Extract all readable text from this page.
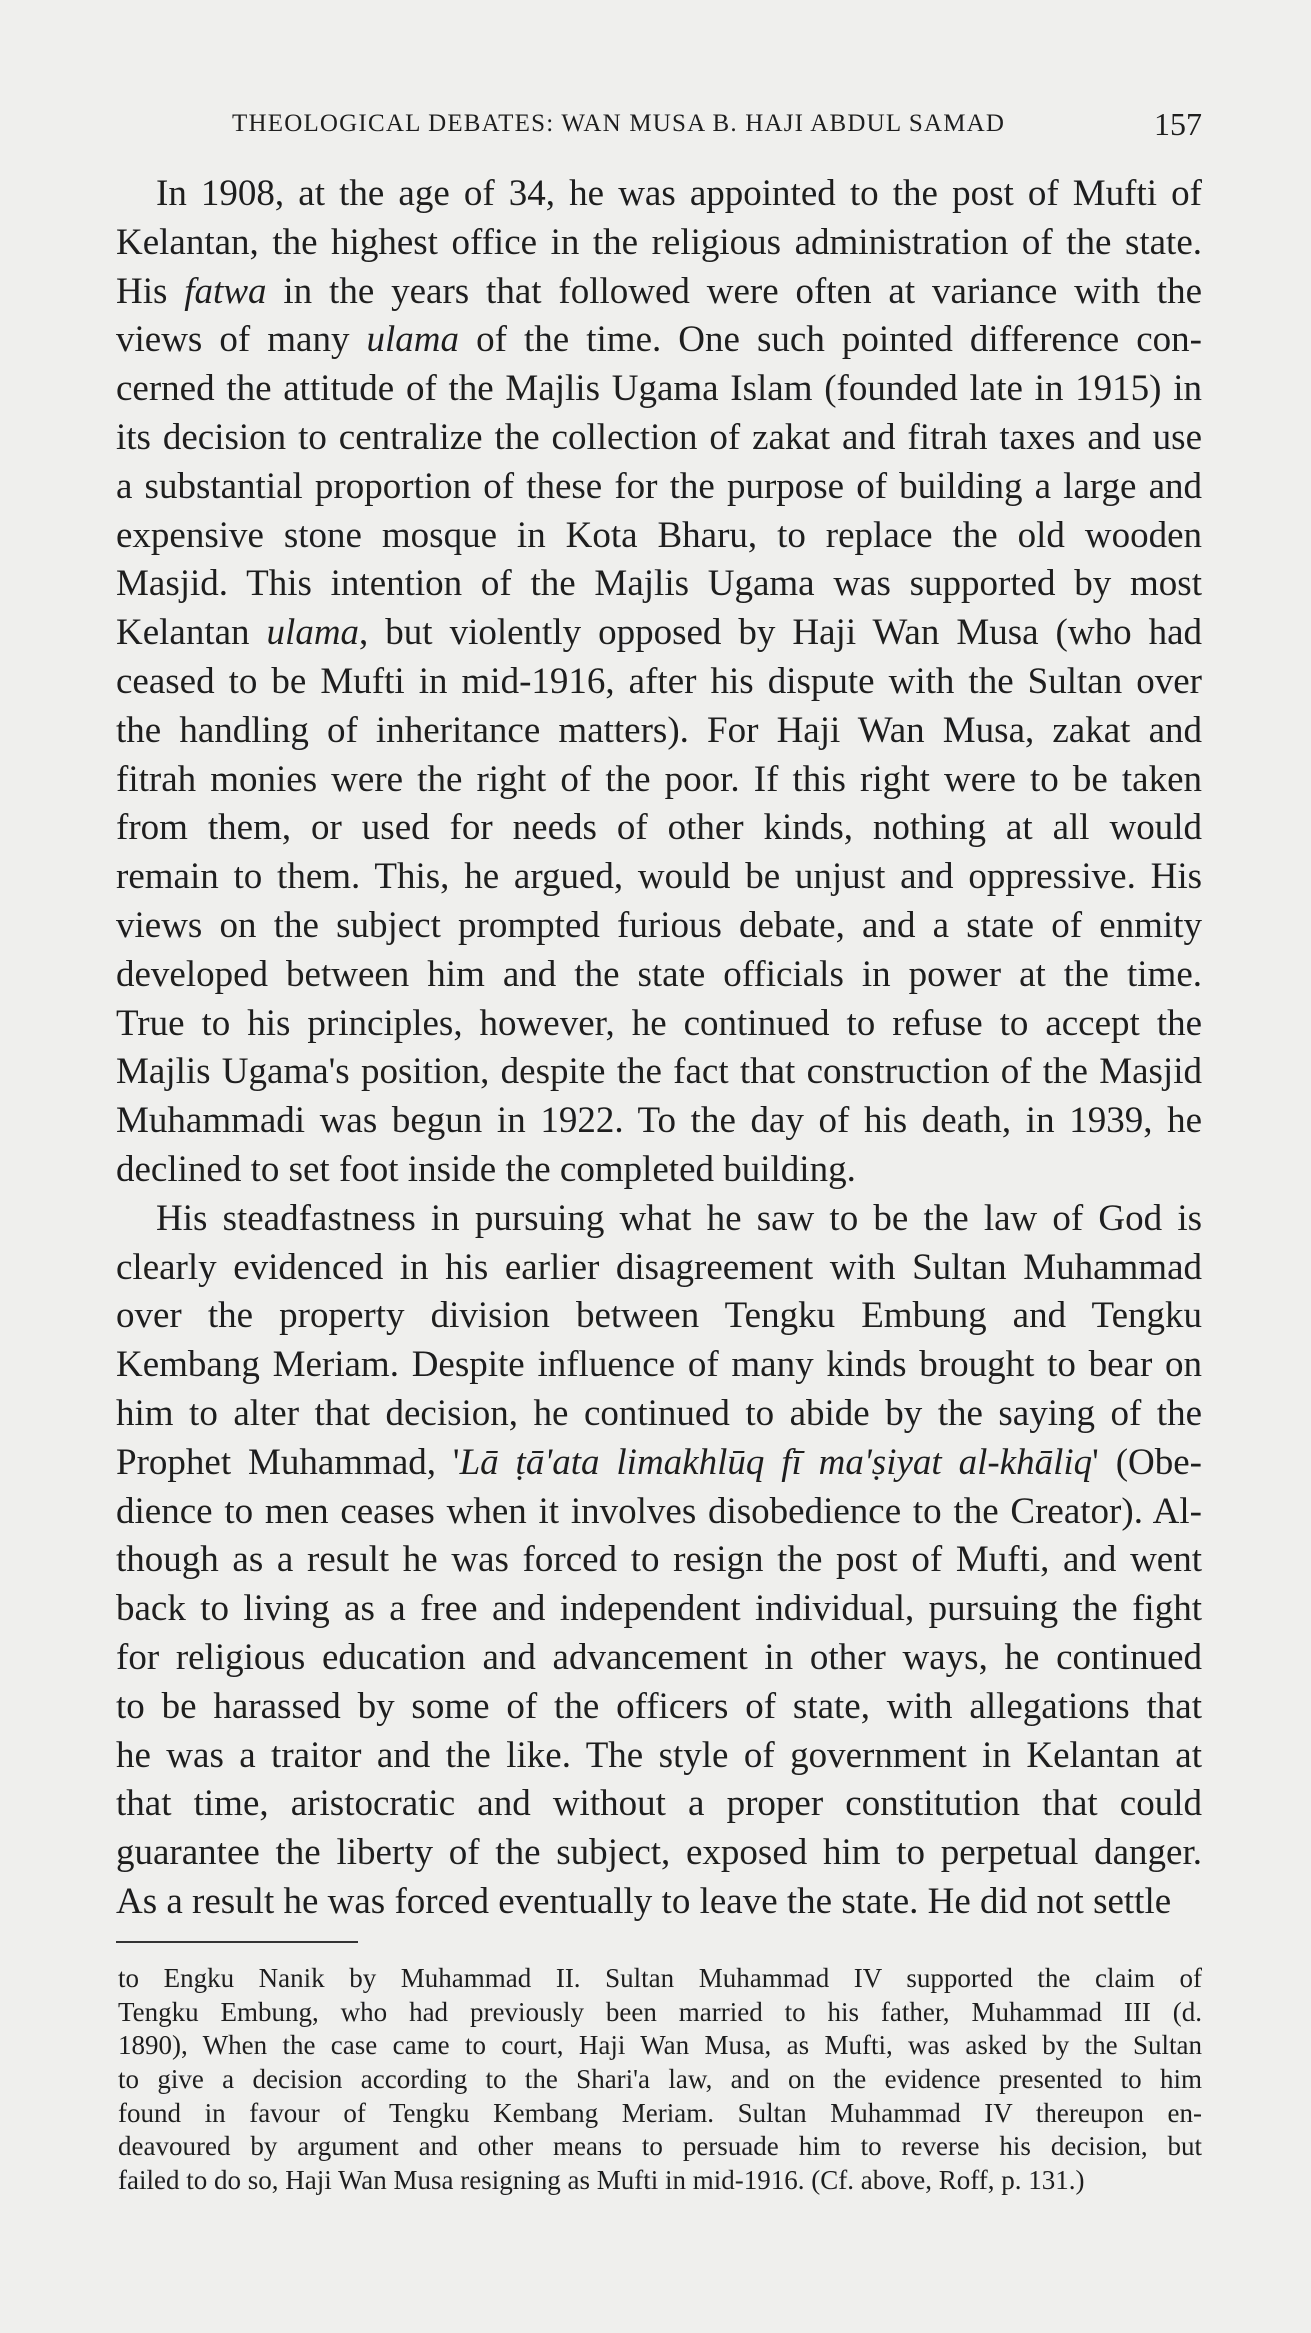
THEOLOGICAL DEBATES: WAN MUSA B. HAJI ABDUL SAMAD	157
In 1908, at the age of 34, he was appointed to the post of Mufti of
Kelantan, the highest office in the religious administration of the state.
His fatwa in the years that followed were often at variance with the
views of many ulama of the time. One such pointed difference con-
cerned the attitude of the Majlis Ugama Islam (founded late in 1915) in
its decision to centralize the collection of zakat and fitrah taxes and use
a substantial proportion of these for the purpose of building a large and
expensive stone mosque in Kota Bharu, to replace the old wooden
Masjid. This intention of the Majlis Ugama was supported by most
Kelantan ulama, but violently opposed by Haji Wan Musa (who had
ceased to be Mufti in mid-1916, after his dispute with the Sultan over
the handling of inheritance matters). For Haji Wan Musa, zakat and
fitrah monies were the right of the poor. If this right were to be taken
from them, or used for needs of other kinds, nothing at all would
remain to them. This, he argued, would be unjust and oppressive. His
views on the subject prompted furious debate, and a state of enmity
developed between him and the state officials in power at the time.
True to his principles, however, he continued to refuse to accept the
Majlis Ugama's position, despite the fact that construction of the Masjid
Muhammadi was begun in 1922. To the day of his death, in 1939, he
declined to set foot inside the completed building.
His steadfastness in pursuing what he saw to be the law of God is
clearly evidenced in his earlier disagreement with Sultan Muhammad
over the property division between Tengku Embung and Tengku
Kembang Meriam. Despite influence of many kinds brought to bear on
him to alter that decision, he continued to abide by the saying of the
Prophet Muhammad, 'Lā ṭā'ata limakhlūq fī ma'ṣiyat al-khāliq' (Obe-
dience to men ceases when it involves disobedience to the Creator). Al-
though as a result he was forced to resign the post of Mufti, and went
back to living as a free and independent individual, pursuing the fight
for religious education and advancement in other ways, he continued
to be harassed by some of the officers of state, with allegations that
he was a traitor and the like. The style of government in Kelantan at
that time, aristocratic and without a proper constitution that could
guarantee the liberty of the subject, exposed him to perpetual danger.
As a result he was forced eventually to leave the state. He did not settle
to Engku Nanik by Muhammad II. Sultan Muhammad IV supported the claim of
Tengku Embung, who had previously been married to his father, Muhammad III (d.
1890), When the case came to court, Haji Wan Musa, as Mufti, was asked by the Sultan
to give a decision according to the Shari'a law, and on the evidence presented to him
found in favour of Tengku Kembang Meriam. Sultan Muhammad IV thereupon en-
deavoured by argument and other means to persuade him to reverse his decision, but
failed to do so, Haji Wan Musa resigning as Mufti in mid-1916. (Cf. above, Roff, p. 131.)
